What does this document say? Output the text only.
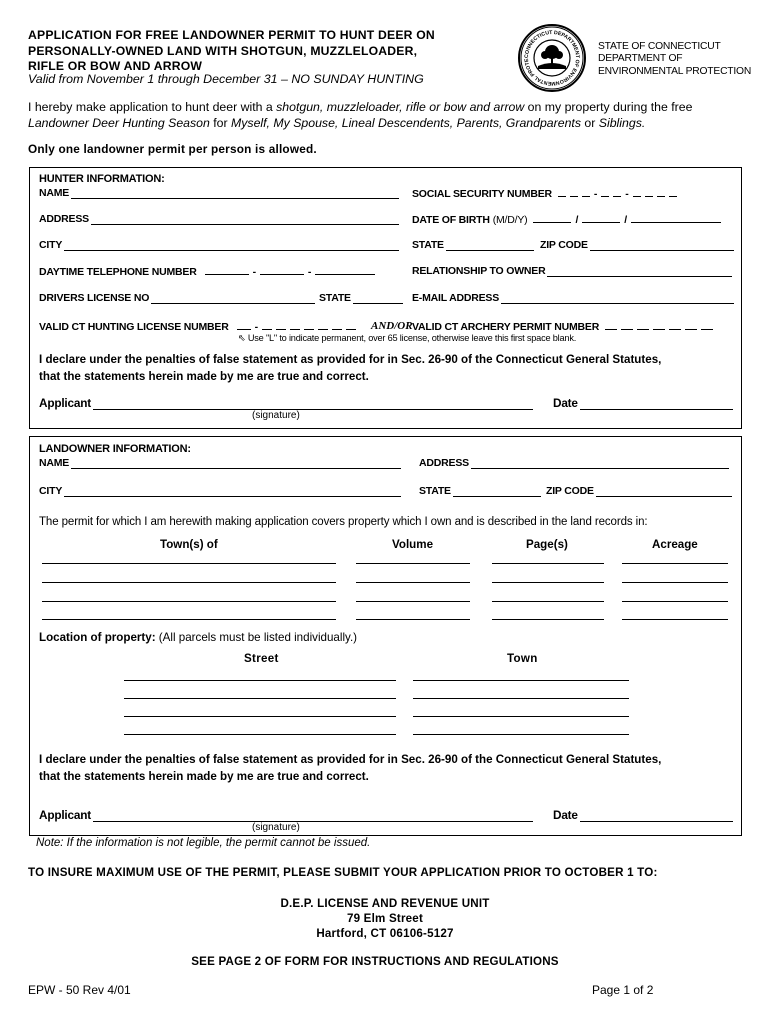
APPLICATION FOR FREE LANDOWNER PERMIT TO HUNT DEER ON
PERSONALLY-OWNED LAND WITH SHOTGUN, MUZZLELOADER,
RIFLE OR BOW AND ARROW
Valid from November 1 through December 31 – NO SUNDAY HUNTING
CONNECTICUT DEPARTMENT OF ENVIRONMENTAL PROTE
STATE OF CONNECTICUT
DEPARTMENT OF
ENVIRONMENTAL PROTECTION
I hereby make application to hunt deer with a shotgun, muzzleloader, rifle or bow and arrow on my property during the free
Landowner Deer Hunting Season for Myself, My Spouse, Lineal Descendents, Parents, Grandparents or Siblings.
Only one landowner permit per person is allowed.
HUNTER INFORMATION:
NAME	SOCIAL SECURITY NUMBER	-	-
ADDRESS	DATE OF BIRTH (M/D/Y)	/	/
CITY	STATE	ZIP CODE
DAYTIME TELEPHONE NUMBER	-	-	RELATIONSHIP TO OWNER
DRIVERS LICENSE NO	STATE	E-MAIL ADDRESS
VALID CT HUNTING LICENSE NUMBER -	AND/OR VALID CT ARCHERY PERMIT NUMBER
⇖ Use "L" to indicate permanent, over 65 license, otherwise leave this first space blank.
I declare under the penalties of false statement as provided for in Sec. 26-90 of the Connecticut General Statutes,
that the statements herein made by me are true and correct.
Applicant	Date
(signature)
LANDOWNER INFORMATION:
NAME	ADDRESS
CITY	STATE	ZIP CODE
The permit for which I am herewith making application covers property which I own and is described in the land records in:
Town(s) of	Volume	Page(s)	Acreage
Location of property: (All parcels must be listed individually.)
Street	Town
I declare under the penalties of false statement as provided for in Sec. 26-90 of the Connecticut General Statutes,
that the statements herein made by me are true and correct.
Applicant	Date
(signature)
Note: If the information is not legible, the permit cannot be issued.
TO INSURE MAXIMUM USE OF THE PERMIT, PLEASE SUBMIT YOUR APPLICATION PRIOR TO OCTOBER 1 TO:
D.E.P. LICENSE AND REVENUE UNIT
79 Elm Street
Hartford, CT 06106-5127
SEE PAGE 2 OF FORM FOR INSTRUCTIONS AND REGULATIONS
EPW - 50 Rev 4/01	Page 1 of 2
